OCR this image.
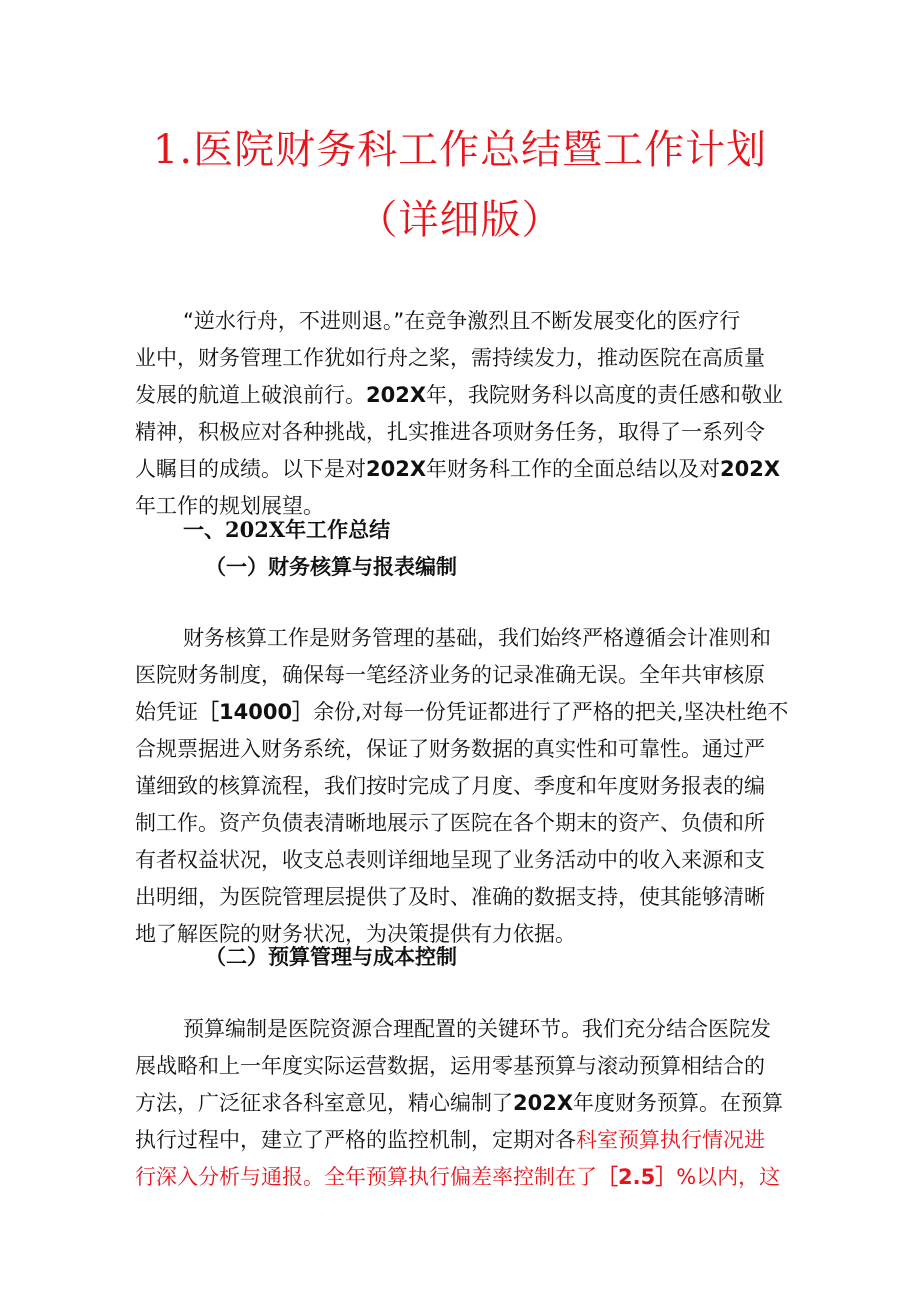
1.医院财务科工作总结暨工作计划
（详细版）
“逆水行舟，不进则退。”在竞争激烈且不断发展变化的医疗行
业中，财务管理工作犹如行舟之桨，需持续发力，推动医院在高质量
发展的航道上破浪前行。202X年，我院财务科以高度的责任感和敬业
精神，积极应对各种挑战，扎实推进各项财务任务，取得了一系列令
人瞩目的成绩。以下是对202X年财务科工作的全面总结以及对202X
年工作的规划展望。
一、202X年工作总结
（一）财务核算与报表编制
财务核算工作是财务管理的基础，我们始终严格遵循会计准则和
医院财务制度，确保每一笔经济业务的记录准确无误。全年共审核原
始凭证［14000］余份,对每一份凭证都进行了严格的把关,坚决杜绝不
合规票据进入财务系统，保证了财务数据的真实性和可靠性。通过严
谨细致的核算流程，我们按时完成了月度、季度和年度财务报表的编
制工作。资产负债表清晰地展示了医院在各个期末的资产、负债和所
有者权益状况，收支总表则详细地呈现了业务活动中的收入来源和支
出明细，为医院管理层提供了及时、准确的数据支持，使其能够清晰
地了解医院的财务状况，为决策提供有力依据。
（二）预算管理与成本控制
预算编制是医院资源合理配置的关键环节。我们充分结合医院发
展战略和上一年度实际运营数据，运用零基预算与滚动预算相结合的
方法，广泛征求各科室意见，精心编制了202X年度财务预算。在预算
执行过程中，建立了严格的监控机制，定期对各科室预算执行情况进
行深入分析与通报。全年预算执行偏差率控制在了［2.5］%以内，这
